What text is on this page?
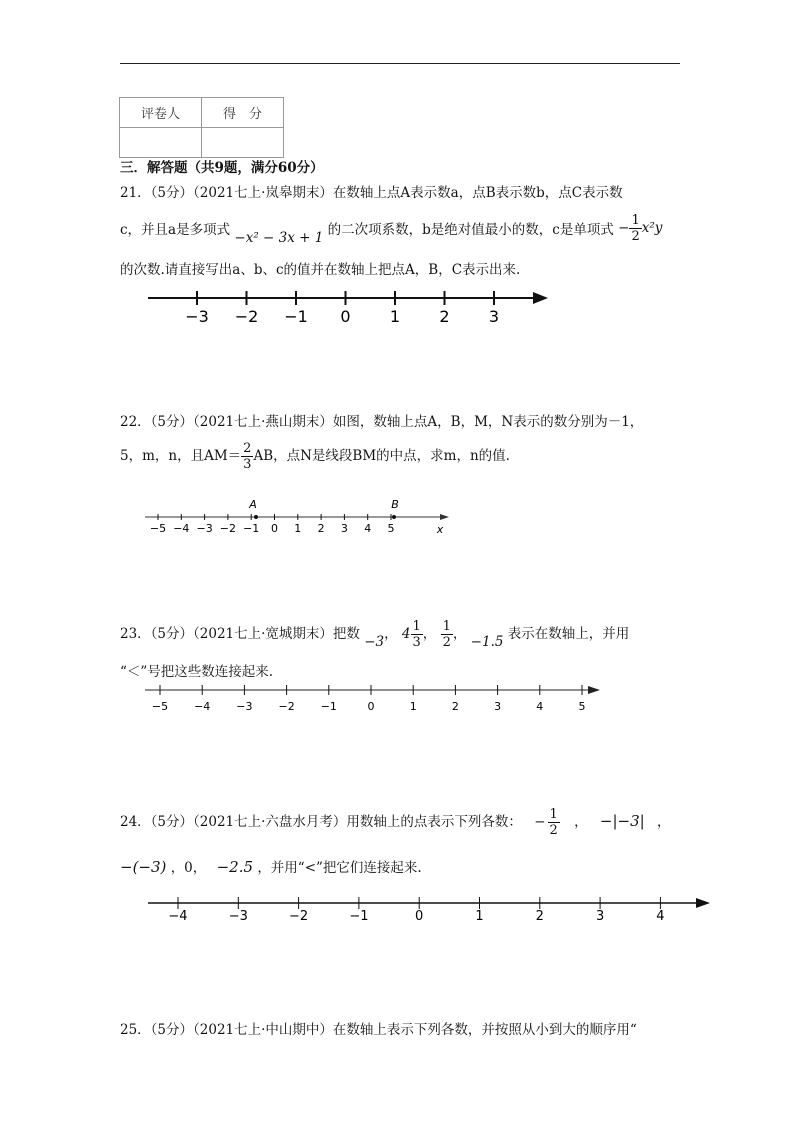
评卷人	得　分

三．解答题（共9题，满分60分）
21．（5分）（2021七上·岚皋期末）在数轴上点A表示数a，点B表示数b，点C表示数
c，并且a是多项式 −x² − 3x + 1 的二次项系数，b是绝对值最小的数，c是单项式 − $\frac{1}{2} x^2y$
的次数.请直接写出a、b、c的值并在数轴上把点A，B，C表示出来.
−3 −2 −1 0 1 2 3
22．（5分）（2021七上·燕山期末）如图，数轴上点A，B，M，N表示的数分别为－1，
5，m，n，且$AM= \frac{2}{3}$ AB，点N是线段BM的中点，求m，n的值.
A	B
x
−5 −4 −3 −2 −1 0 1 2 3 4 5
23．（5分）（2021七上·宽城期末）把数 −3， $4 \frac{1}{3}$ ， $\frac{1}{2}$ ， −1.5 表示在数轴上，并用
“＜”号把这些数连接起来.
−5 −4 −3 −2 −1	0	1	2	3	4	5
24．（5分）（2021七上·六盘水月考）用数轴上的点表示下列各数： − $\frac{1}{2}$ ， −|−3| ，
−(−3) ，0， −2.5 ，并用“<”把它们连接起来.
−4	−3	−2	−1	0	1	2	3	4
25．（5分）（2021七上·中山期中）在数轴上表示下列各数，并按照从小到大的顺序用“
